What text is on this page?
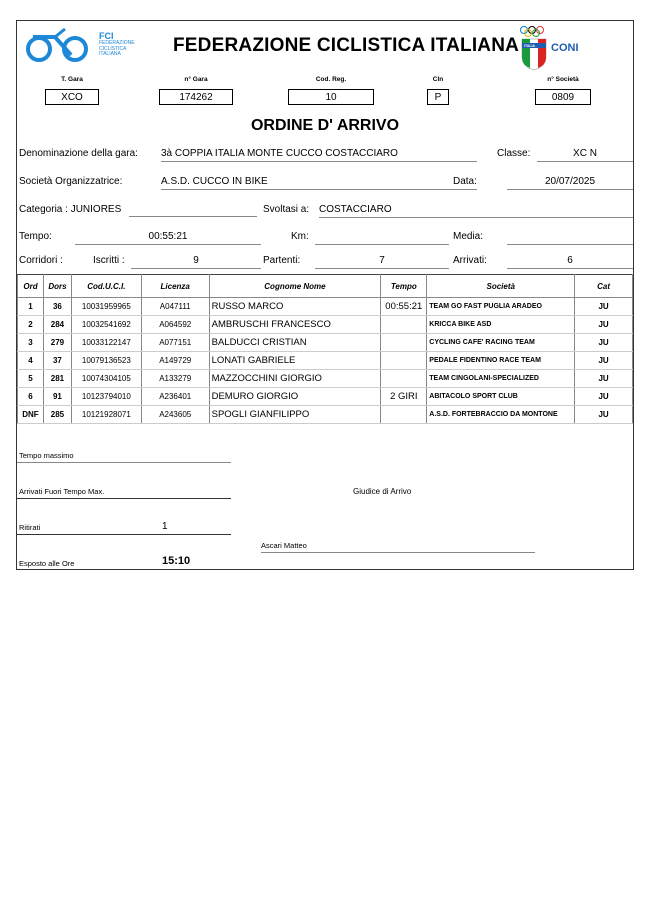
FCI
FEDERAZIONE
CICLISTICA
ITALIANA	FEDERAZIONE CICLISTICA ITALIANA ITALIA CONI
T. Gara
XCO
n° Gara
174262
Cod. Reg.
10
Cln
P
n° Società
0809
ORDINE D' ARRIVO
Denominazione della gara: 3à COPPIA ITALIA MONTE CUCCO COSTACCIARO	Classe:	XC N
Società Organizzatrice:	A.S.D. CUCCO IN BIKE	Data:	20/07/2025
Categoria : JUNIORES	Svoltasi a: COSTACCIARO
Tempo:	00:55:21	Km:	Media:
Corridori :	Iscritti :	9	Partenti:	7	Arrivati:	6
Ord	Dors	Cod.U.C.I.	Licenza	Cognome Nome	Tempo	Società	Cat
1	36	10031959965	A047111	RUSSO MARCO	00:55:21	TEAM GO FAST PUGLIA ARADEO	JU
2	284	10032541692	A064592	AMBRUSCHI FRANCESCO		KRICCA BIKE ASD	JU
3	279	10033122147	A077151	BALDUCCI CRISTIAN		CYCLING CAFE' RACING TEAM	JU
4	37	10079136523	A149729	LONATI GABRIELE		PEDALE FIDENTINO RACE TEAM	JU
5	281	10074304105	A133279	MAZZOCCHINI GIORGIO		TEAM CINGOLANI-SPECIALIZED	JU
6	91	10123794010	A236401	DEMURO GIORGIO	2 GIRI	ABITACOLO SPORT CLUB	JU
DNF	285	10121928071	A243605	SPOGLI GIANFILIPPO		A.S.D. FORTEBRACCIO DA MONTONE	JU
Tempo massimo
Arrivati Fuori Tempo Max.	Giudice di Arrivo
Ritirati	1
Ascari Matteo
Esposto alle Ore	15:10
